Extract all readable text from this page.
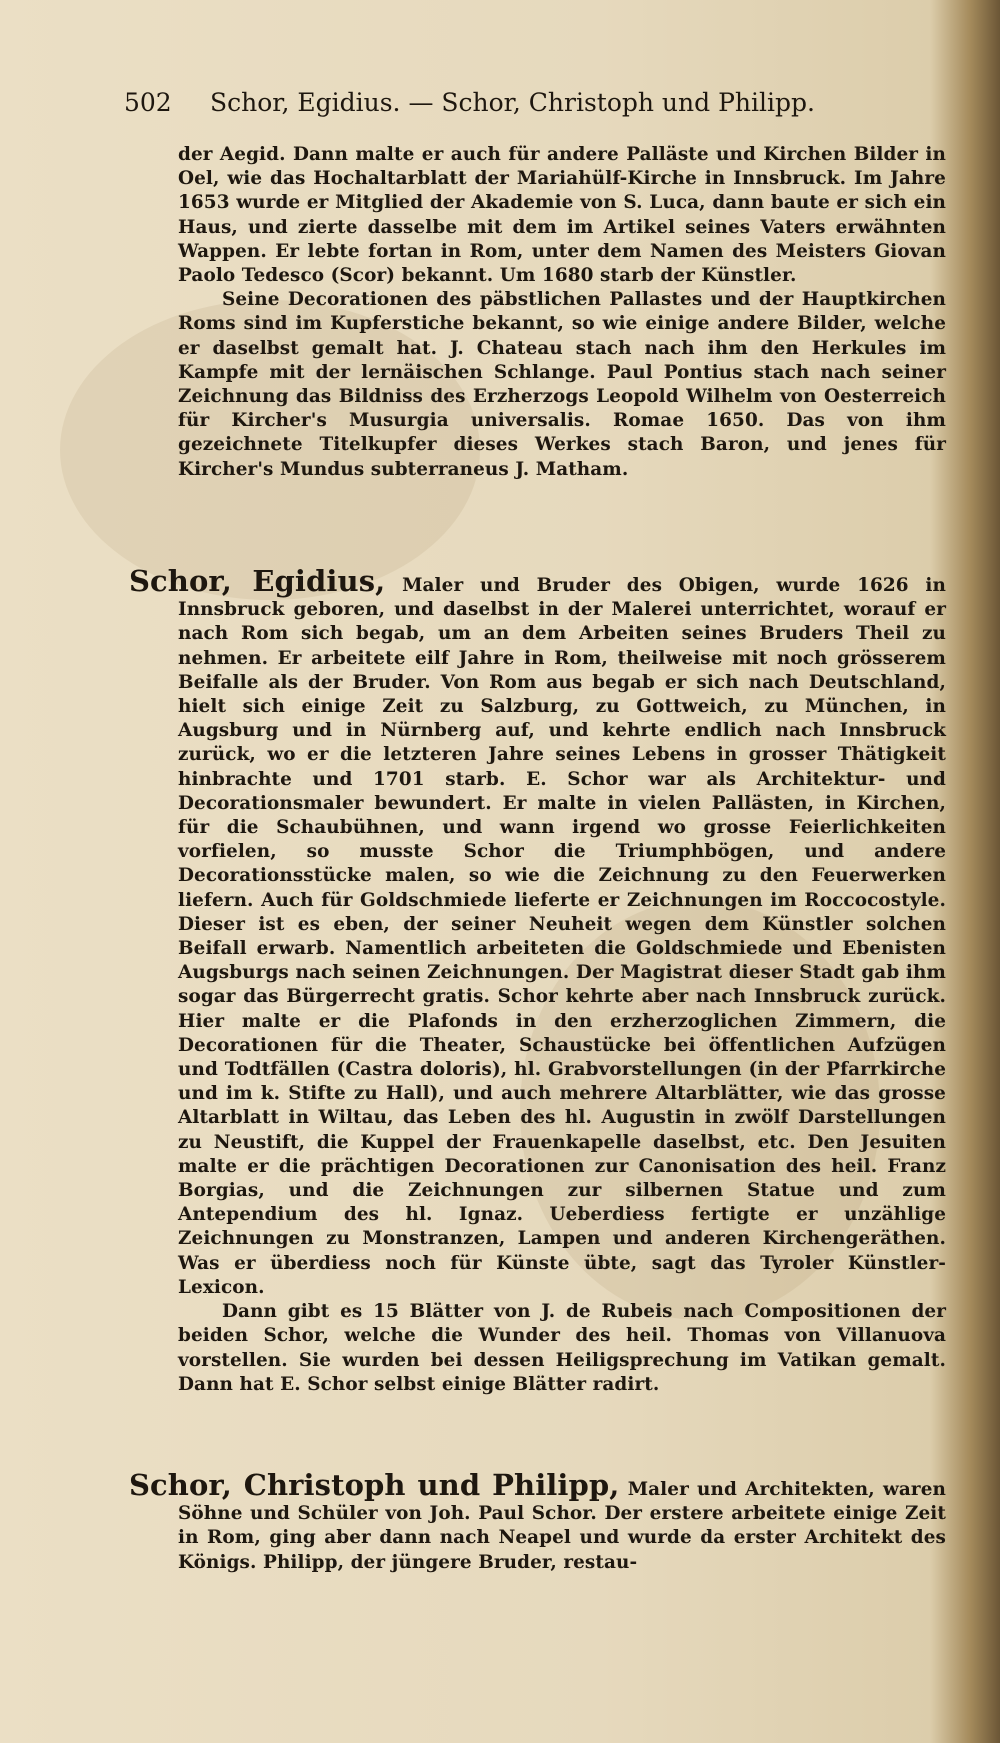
502 Schor, Egidius. — Schor, Christoph und Philipp.

der Aegid. Dann malte er auch für andere Palläste und Kirchen Bilder in Oel, wie das Hochaltarblatt der Mariahülf-Kirche in Innsbruck. Im Jahre 1653 wurde er Mitglied der Akademie von S. Luca, dann baute er sich ein Haus, und zierte dasselbe mit dem im Artikel seines Vaters erwähnten Wappen. Er lebte fortan in Rom, unter dem Namen des Meisters Giovan Paolo Tedesco (Scor) bekannt. Um 1680 starb der Künstler.

Seine Decorationen des päbstlichen Pallastes und der Hauptkirchen Roms sind im Kupferstiche bekannt, so wie einige andere Bilder, welche er daselbst gemalt hat. J. Chateau stach nach ihm den Herkules im Kampfe mit der lernäischen Schlange. Paul Pontius stach nach seiner Zeichnung das Bildniss des Erzherzogs Leopold Wilhelm von Oesterreich für Kircher's Musurgia universalis. Romae 1650. Das von ihm gezeichnete Titelkupfer dieses Werkes stach Baron, und jenes für Kircher's Mundus subterraneus J. Matham.

Schor, Egidius, Maler und Bruder des Obigen, wurde 1626 in Innsbruck geboren, und daselbst in der Malerei unterrichtet, worauf er nach Rom sich begab, um an dem Arbeiten seines Bruders Theil zu nehmen. Er arbeitete eilf Jahre in Rom, theilweise mit noch grösserem Beifalle als der Bruder. Von Rom aus begab er sich nach Deutschland, hielt sich einige Zeit zu Salzburg, zu Gottweich, zu München, in Augsburg und in Nürnberg auf, und kehrte endlich nach Innsbruck zurück, wo er die letzteren Jahre seines Lebens in grosser Thätigkeit hinbrachte und 1701 starb. E. Schor war als Architektur- und Decorationsmaler bewundert. Er malte in vielen Pallästen, in Kirchen, für die Schaubühnen, und wann irgend wo grosse Feierlichkeiten vorfielen, so musste Schor die Triumphbögen, und andere Decorationsstücke malen, so wie die Zeichnung zu den Feuerwerken liefern. Auch für Goldschmiede lieferte er Zeichnungen im Roccocostyle. Dieser ist es eben, der seiner Neuheit wegen dem Künstler solchen Beifall erwarb. Namentlich arbeiteten die Goldschmiede und Ebenisten Augsburgs nach seinen Zeichnungen. Der Magistrat dieser Stadt gab ihm sogar das Bürgerrecht gratis. Schor kehrte aber nach Innsbruck zurück. Hier malte er die Plafonds in den erzherzoglichen Zimmern, die Decorationen für die Theater, Schaustücke bei öffentlichen Aufzügen und Todtfällen (Castra doloris), hl. Grabvorstellungen (in der Pfarrkirche und im k. Stifte zu Hall), und auch mehrere Altarblätter, wie das grosse Altarblatt in Wiltau, das Leben des hl. Augustin in zwölf Darstellungen zu Neustift, die Kuppel der Frauenkapelle daselbst, etc. Den Jesuiten malte er die prächtigen Decorationen zur Canonisation des heil. Franz Borgias, und die Zeichnungen zur silbernen Statue und zum Antependium des hl. Ignaz. Ueberdiess fertigte er unzählige Zeichnungen zu Monstranzen, Lampen und anderen Kirchengeräthen. Was er überdiess noch für Künste übte, sagt das Tyroler Künstler-Lexicon.

Dann gibt es 15 Blätter von J. de Rubeis nach Compositionen der beiden Schor, welche die Wunder des heil. Thomas von Villanuova vorstellen. Sie wurden bei dessen Heiligsprechung im Vatikan gemalt. Dann hat E. Schor selbst einige Blätter radirt.

Schor, Christoph und Philipp, Maler und Architekten, waren Söhne und Schüler von Joh. Paul Schor. Der erstere arbeitete einige Zeit in Rom, ging aber dann nach Neapel und wurde da erster Architekt des Königs. Philipp, der jüngere Bruder, restau-
